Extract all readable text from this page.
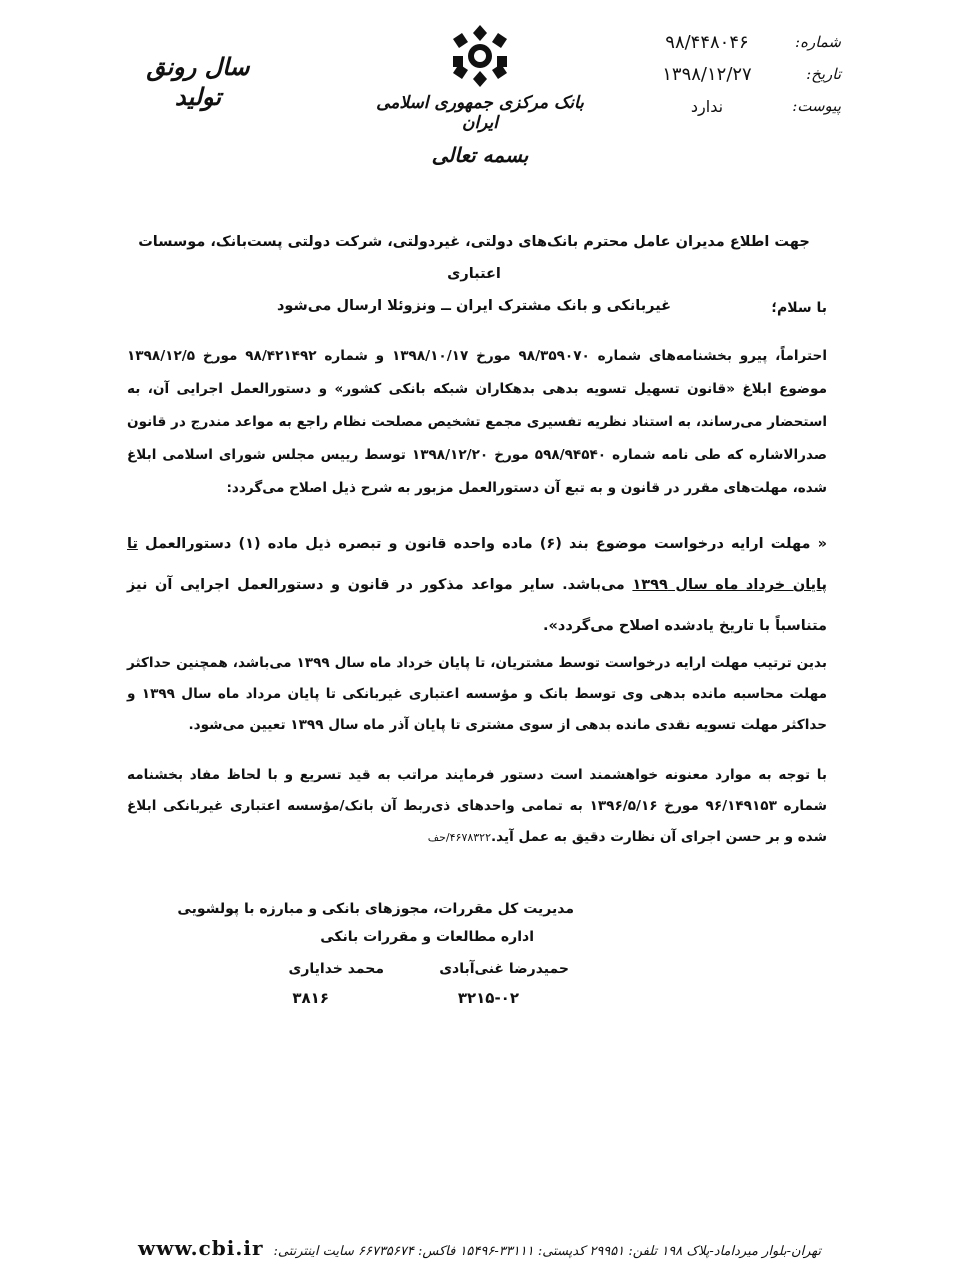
شماره:
۹۸/۴۴۸۰۴۶
تاریخ:
۱۳۹۸/۱۲/۲۷
پیوست:
ندارد
بانک مرکزی جمهوری اسلامی ایران
بسمه تعالی
سال رونق
تولید
جهت اطلاع مدیران عامل محترم بانک‌های دولتی، غیردولتی، شرکت دولتی پست‌بانک، موسسات اعتباری
غیربانکی و بانک مشترک ایران ــ ونزوئلا ارسال می‌شود	با سلام؛
احتراماً، پیرو بخشنامه‌های شماره ۹۸/۳۵۹۰۷۰ مورخ ۱۳۹۸/۱۰/۱۷ و شماره ۹۸/۴۲۱۴۹۲ مورخ ۱۳۹۸/۱۲/۵ موضوع ابلاغ «قانون تسهیل تسویه بدهی بدهکاران شبکه بانکی کشور» و دستورالعمل اجرایی آن، به استحضار می‌رساند، به استناد نظریه تفسیری مجمع تشخیص مصلحت نظام راجع به مواعد مندرج در قانون صدرالاشاره که طی نامه شماره ۵۹۸/۹۴۵۴۰ مورخ ۱۳۹۸/۱۲/۲۰ توسط رییس مجلس شورای اسلامی ابلاغ شده، مهلت‌های مقرر در قانون و به تبع آن دستورالعمل مزبور به شرح ذیل اصلاح می‌گردد:
« مهلت ارایه درخواست موضوع بند (۶) ماده واحده قانون و تبصره ذیل ماده (۱) دستورالعمل تا پایان خرداد ماه سال ۱۳۹۹ می‌باشد. سایر مواعد مذکور در قانون و دستورالعمل اجرایی آن نیز متناسباً با تاریخ یادشده اصلاح می‌گردد».
بدین ترتیب مهلت ارایه درخواست توسط مشتریان، تا پایان خرداد ماه سال ۱۳۹۹ می‌باشد، همچنین حداکثر مهلت محاسبه مانده بدهی وی توسط بانک و مؤسسه اعتباری غیربانکی تا پایان مرداد ماه سال ۱۳۹۹ و حداکثر مهلت تسویه نقدی مانده بدهی از سوی مشتری تا پایان آذر ماه سال ۱۳۹۹ تعیین می‌شود.
با توجه به موارد معنونه خواهشمند است دستور فرمایند مراتب به قید تسریع و با لحاظ مفاد بخشنامه شماره ۹۶/۱۴۹۱۵۳ مورخ ۱۳۹۶/۵/۱۶ به تمامی واحدهای ذی‌ربط آن بانک/مؤسسه اعتباری غیربانکی ابلاغ شده و بر حسن اجرای آن نظارت دقیق به عمل آید.۴۶۷۸۳۲۲/حف
مدیریت کل مقررات، مجوزهای بانکی و مبارزه با پولشویی
اداره مطالعات و مقررات بانکی
حمیدرضا غنی‌آبادی
محمد خدایاری
۳۲۱۵-۰۲
۳۸۱۶
www.cbi.ir تهران-بلوار میرداماد-پلاک ۱۹۸ تلفن: ۲۹۹۵۱ کدپستی: ۳۳۱۱۱-۱۵۴۹۶ فاکس: ۶۶۷۳۵۶۷۴ سایت اینترنتی:
